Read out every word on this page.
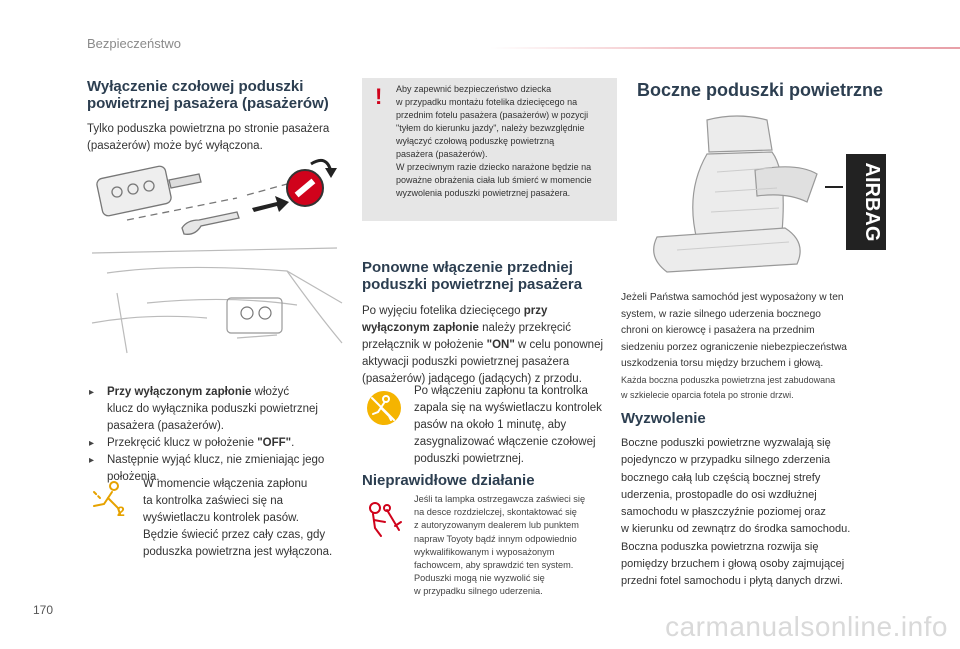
Bezpieczeństwo
170
carmanualsonline.info
Wyłączenie czołowej poduszki
powietrznej pasażera (pasażerów)

Tylko poduszka powietrzna po stronie pasażera
(pasażerów) może być wyłączona.

▸ Przy wyłączonym zapłonie włożyć
klucz do wyłącznika poduszki powietrznej
pasażera (pasażerów).
▸ Przekręcić klucz w położenie "OFF".
▸ Następnie wyjąć klucz, nie zmieniając jego
położenia.
2

W momencie włączenia zapłonu
ta kontrolka zaświeci się na
wyświetlaczu kontrolek pasów.
Będzie świecić przez cały czas, gdy
poduszka powietrzna jest wyłączona.

! Aby zapewnić bezpieczeństwo dziecka
w przypadku montażu fotelika dziecięcego na
przednim fotelu pasażera (pasażerów) w pozycji
"tyłem do kierunku jazdy", należy bezwzględnie
wyłączyć czołową poduszkę powietrzną
pasażera (pasażerów).
W przeciwnym razie dziecko narażone będzie na
poważne obrażenia ciała lub śmierć w momencie
wyzwolenia poduszki powietrznej pasażera.
Ponowne włączenie przedniej
poduszki powietrznej pasażera

Po wyjęciu fotelika dziecięcego przy
wyłączonym zapłonie należy przekręcić
przełącznik w położenie "ON" w celu ponownej
aktywacji poduszki powietrznej pasażera
(pasażerów) jadącego (jadących) z przodu.

Po włączeniu zapłonu ta kontrolka
zapala się na wyświetlaczu kontrolek
pasów na około 1 minutę, aby
zasygnalizować włączenie czołowej
poduszki powietrznej.

Nieprawidłowe działanie

Jeśli ta lampka ostrzegawcza zaświeci się
na desce rozdzielczej, skontaktować się
z autoryzowanym dealerem lub punktem
napraw Toyoty bądź innym odpowiednio
wykwalifikowanym i wyposażonym
fachowcem, aby sprawdzić ten system.
Poduszki mogą nie wyzwolić się
w przypadku silnego uderzenia.

Boczne poduszki powietrzne
AIRBAG

Jeżeli Państwa samochód jest wyposażony w ten
system, w razie silnego uderzenia bocznego
chroni on kierowcę i pasażera na przednim
siedzeniu porzez ograniczenie niebezpieczeństwa
uszkodzenia torsu między brzuchem i głową.

Każda boczna poduszka powietrzna jest zabudowana
w szkielecie oparcia fotela po stronie drzwi.

Wyzwolenie

Boczne poduszki powietrzne wyzwalają się
pojedynczo w przypadku silnego zderzenia
bocznego całą lub częścią bocznej strefy
uderzenia, prostopadle do osi wzdłużnej
samochodu w płaszczyźnie poziomej oraz
w kierunku od zewnątrz do środka samochodu.
Boczna poduszka powietrzna rozwija się
pomiędzy brzuchem i głową osoby zajmującej
przedni fotel samochodu i płytą danych drzwi.
